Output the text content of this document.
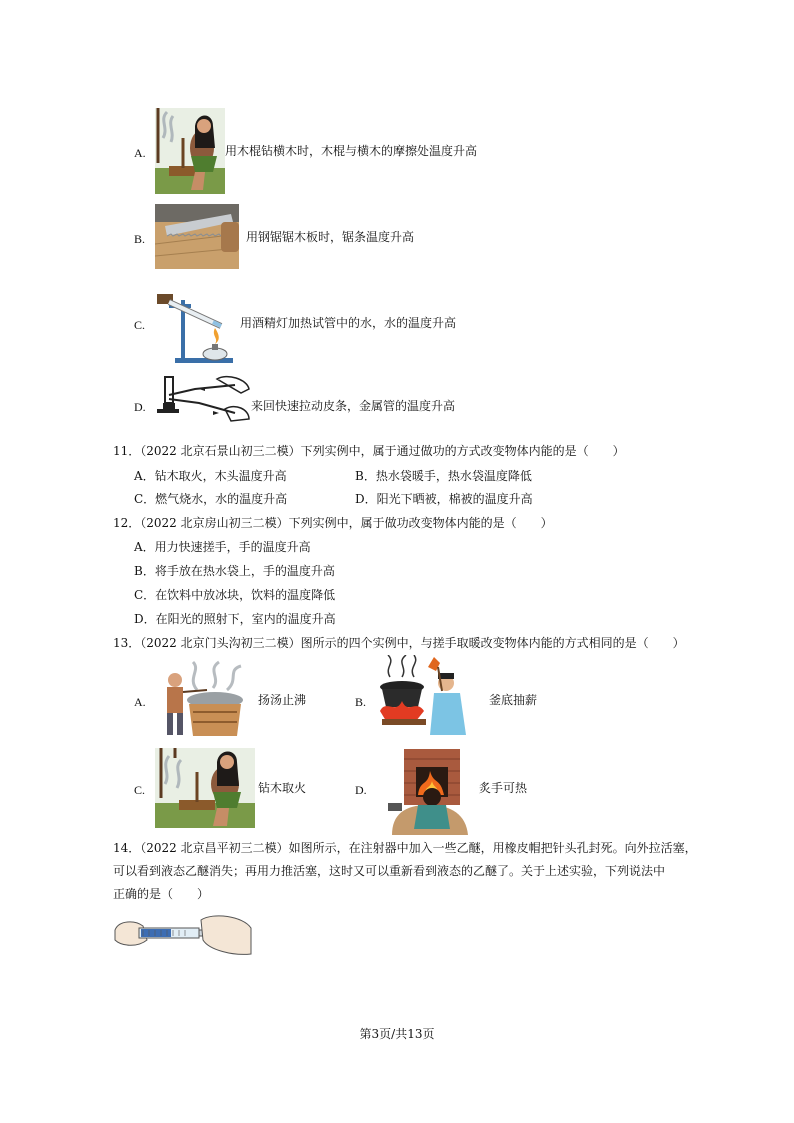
A.	用木棍钻横木时，木棍与横木的摩擦处温度升高
B.	用钢锯锯木板时，锯条温度升高
C.	用酒精灯加热试管中的水，水的温度升高
D.	来回快速拉动皮条，金属管的温度升高
11．（2022 北京石景山初三二模）下列实例中，属于通过做功的方式改变物体内能的是（　　）
A．钻木取火，木头温度升高	B．热水袋暖手，热水袋温度降低
C．燃气烧水，水的温度升高	D．阳光下晒被，棉被的温度升高
12．（2022 北京房山初三二模）下列实例中，属于做功改变物体内能的是（　　）
A．用力快速搓手，手的温度升高
B．将手放在热水袋上，手的温度升高
C．在饮料中放冰块，饮料的温度降低
D．在阳光的照射下，室内的温度升高
13．（2022 北京门头沟初三二模）图所示的四个实例中，与搓手取暖改变物体内能的方式相同的是（　　）
A.	扬汤止沸	B.	釜底抽薪
C.	钻木取火	D.	炙手可热
14．（2022 北京昌平初三二模）如图所示，在注射器中加入一些乙醚，用橡皮帽把针头孔封死。向外拉活塞，
可以看到液态乙醚消失；再用力推活塞，这时又可以重新看到液态的乙醚了。关于上述实验，下列说法中
正确的是（　　）
第3页/共13页
